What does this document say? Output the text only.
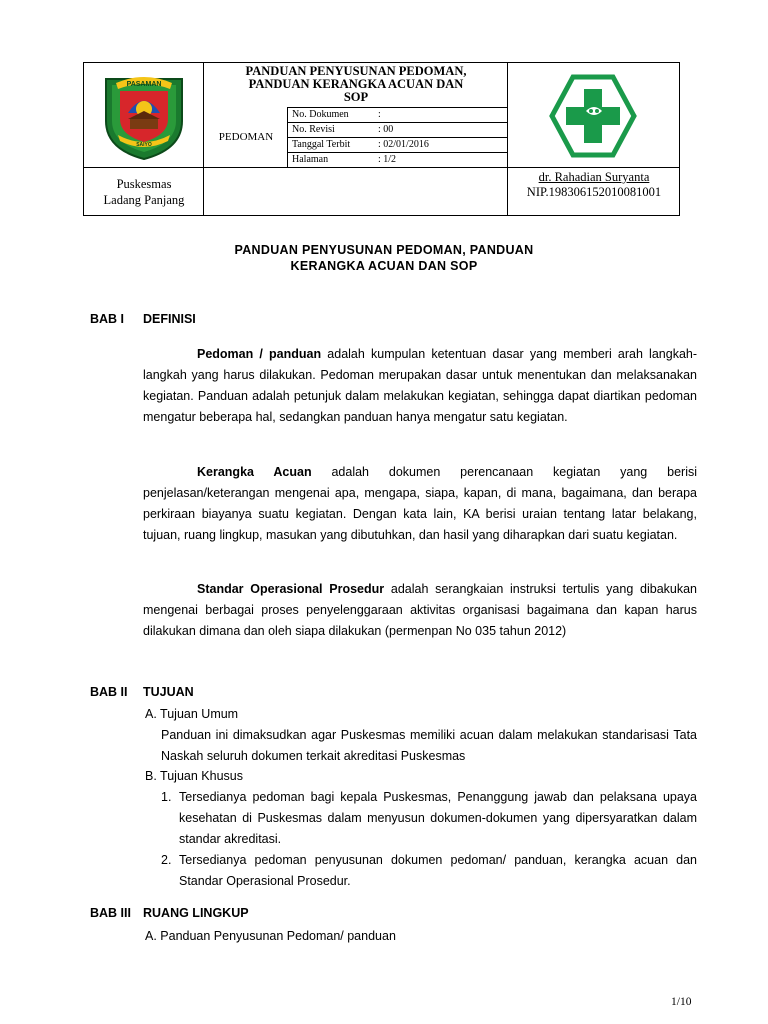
PASAMAN
SAIYO
PANDUAN PENYUSUNAN PEDOMAN,
PANDUAN KERANGKA ACUAN DAN
SOP
PEDOMAN
No. Dokumen	:
No. Revisi	: 00
Tanggal Terbit	: 02/01/2016
Halaman	: 1/2
Puskesmas
Ladang Panjang
dr. Rahadian Suryanta
NIP.198306152010081001
PANDUAN PENYUSUNAN PEDOMAN, PANDUAN
KERANGKA ACUAN DAN SOP
BAB I DEFINISI
Pedoman / panduan adalah kumpulan ketentuan dasar yang memberi arah langkah-langkah yang harus dilakukan. Pedoman merupakan dasar untuk menentukan dan melaksanakan kegiatan. Panduan adalah petunjuk dalam melakukan kegiatan, sehingga dapat diartikan pedoman mengatur beberapa hal, sedangkan panduan hanya mengatur satu kegiatan.
Kerangka Acuan adalah dokumen perencanaan kegiatan yang berisi penjelasan/keterangan mengenai apa, mengapa, siapa, kapan, di mana, bagaimana, dan berapa perkiraan biayanya suatu kegiatan. Dengan kata lain, KA berisi uraian tentang latar belakang, tujuan, ruang lingkup, masukan yang dibutuhkan, dan hasil yang diharapkan dari suatu kegiatan.
Standar Operasional Prosedur adalah serangkaian instruksi tertulis yang dibakukan mengenai berbagai proses penyelenggaraan aktivitas organisasi bagaimana dan kapan harus dilakukan dimana dan oleh siapa dilakukan (permenpan No 035 tahun 2012)
BAB II TUJUAN
A. Tujuan Umum
Panduan ini dimaksudkan agar Puskesmas memiliki acuan dalam melakukan standarisasi Tata Naskah seluruh dokumen terkait akreditasi Puskesmas
B. Tujuan Khusus
1. Tersedianya pedoman bagi kepala Puskesmas, Penanggung jawab dan pelaksana upaya kesehatan di Puskesmas dalam menyusun dokumen-dokumen yang dipersyaratkan dalam standar akreditasi.
2. Tersedianya pedoman penyusunan dokumen pedoman/ panduan, kerangka acuan dan Standar Operasional Prosedur.
BAB III RUANG LINGKUP
A. Panduan Penyusunan Pedoman/ panduan
1/10
